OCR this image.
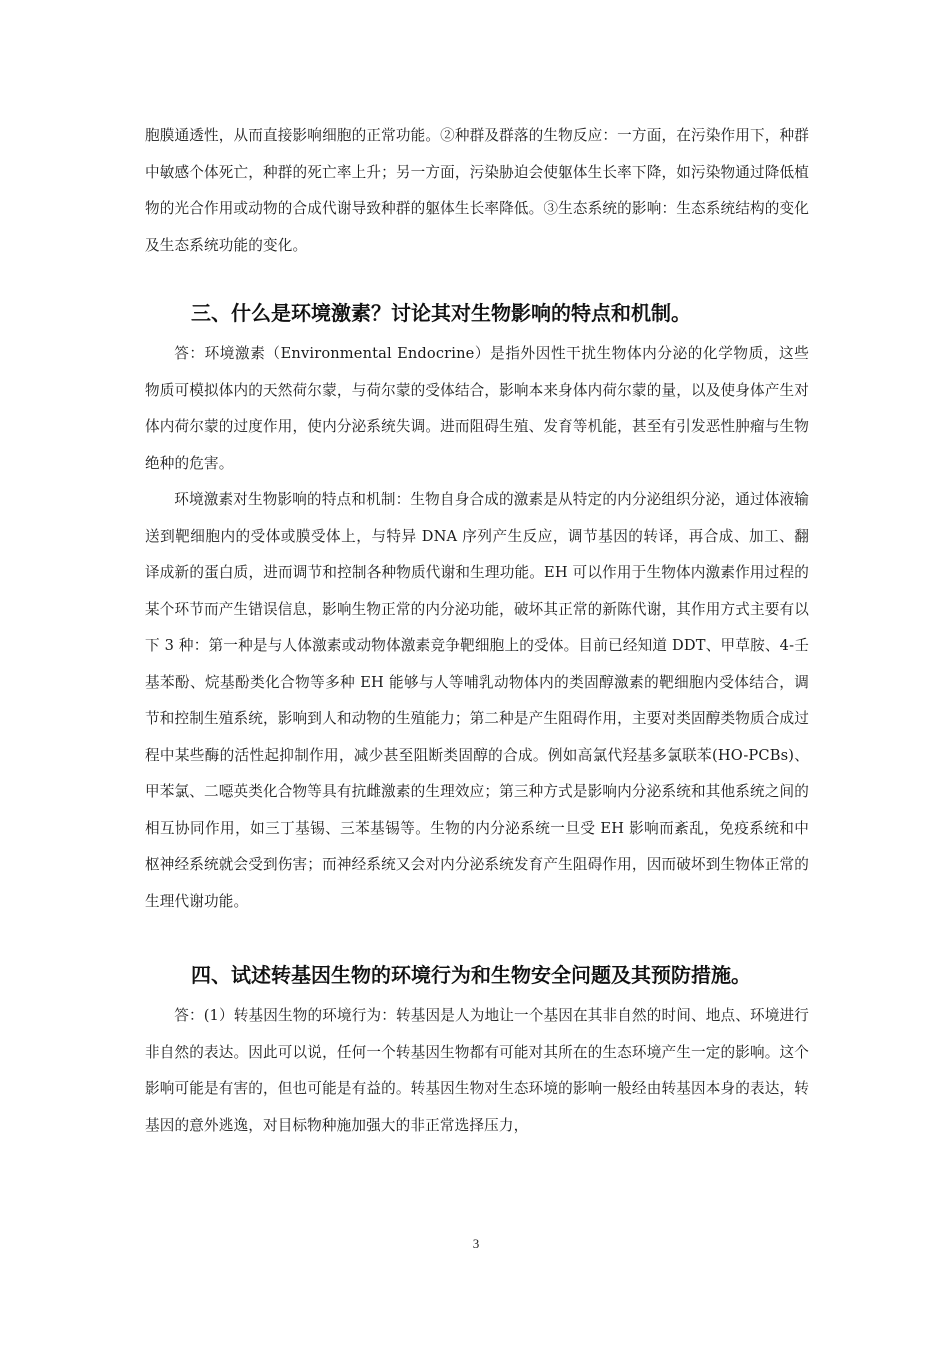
胞膜通透性，从而直接影响细胞的正常功能。②种群及群落的生物反应：一方面，在污染作用下，种群中敏感个体死亡，种群的死亡率上升；另一方面，污染胁迫会使躯体生长率下降，如污染物通过降低植物的光合作用或动物的合成代谢导致种群的躯体生长率降低。③生态系统的影响：生态系统结构的变化及生态系统功能的变化。

三、什么是环境激素？讨论其对生物影响的特点和机制。

答：环境激素（Environmental Endocrine）是指外因性干扰生物体内分泌的化学物质，这些物质可模拟体内的天然荷尔蒙，与荷尔蒙的受体结合，影响本来身体内荷尔蒙的量，以及使身体产生对体内荷尔蒙的过度作用，使内分泌系统失调。进而阻碍生殖、发育等机能，甚至有引发恶性肿瘤与生物绝种的危害。

环境激素对生物影响的特点和机制：生物自身合成的激素是从特定的内分泌组织分泌，通过体液输送到靶细胞内的受体或膜受体上，与特异 DNA 序列产生反应，调节基因的转译，再合成、加工、翻译成新的蛋白质，进而调节和控制各种物质代谢和生理功能。EH 可以作用于生物体内激素作用过程的某个环节而产生错误信息，影响生物正常的内分泌功能，破坏其正常的新陈代谢，其作用方式主要有以下 3 种：第一种是与人体激素或动物体激素竞争靶细胞上的受体。目前已经知道 DDT、甲草胺、4-壬基苯酚、烷基酚类化合物等多种 EH 能够与人等哺乳动物体内的类固醇激素的靶细胞内受体结合，调节和控制生殖系统，影响到人和动物的生殖能力；第二种是产生阻碍作用，主要对类固醇类物质合成过程中某些酶的活性起抑制作用，减少甚至阻断类固醇的合成。例如高氯代羟基多氯联苯(HO-PCBs)、甲苯氯、二噁英类化合物等具有抗雌激素的生理效应；第三种方式是影响内分泌系统和其他系统之间的相互协同作用，如三丁基锡、三苯基锡等。生物的内分泌系统一旦受 EH 影响而紊乱，免疫系统和中枢神经系统就会受到伤害；而神经系统又会对内分泌系统发育产生阻碍作用，因而破坏到生物体正常的生理代谢功能。

四、试述转基因生物的环境行为和生物安全问题及其预防措施。

答：(1）转基因生物的环境行为：转基因是人为地让一个基因在其非自然的时间、地点、环境进行非自然的表达。因此可以说，任何一个转基因生物都有可能对其所在的生态环境产生一定的影响。这个影响可能是有害的，但也可能是有益的。转基因生物对生态环境的影响一般经由转基因本身的表达，转基因的意外逃逸，对目标物种施加强大的非正常选择压力，

3
